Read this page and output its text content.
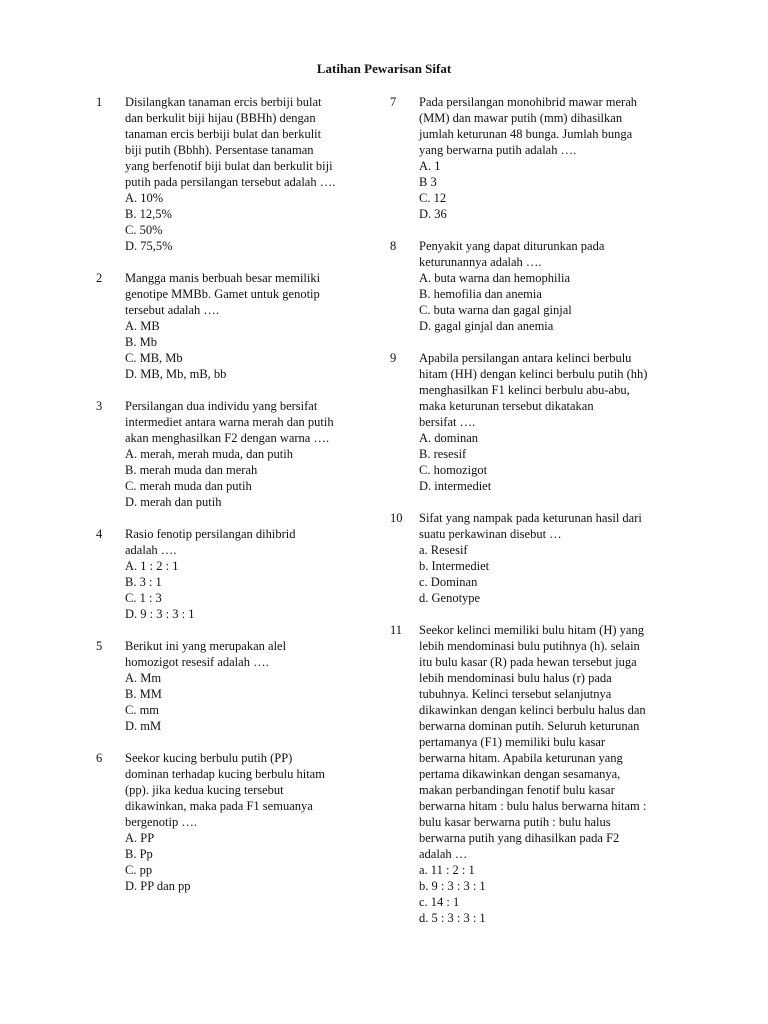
Latihan Pewarisan Sifat
1	Disilangkan tanaman ercis berbiji bulat
dan berkulit biji hijau (BBHh) dengan
tanaman ercis berbiji bulat dan berkulit
biji putih (Bbhh). Persentase tanaman
yang berfenotif biji bulat dan berkulit biji
putih pada persilangan tersebut adalah ….
A. 10%
B. 12,5%
C. 50%
D. 75,5%
2	Mangga manis berbuah besar memiliki
genotipe MMBb. Gamet untuk genotip
tersebut adalah ….
A. MB
B. Mb
C. MB, Mb
D. MB, Mb, mB, bb
3	Persilangan dua individu yang bersifat
intermediet antara warna merah dan putih
akan menghasilkan F2 dengan warna ….
A. merah, merah muda, dan putih
B. merah muda dan merah
C. merah muda dan putih
D. merah dan putih
4	Rasio fenotip persilangan dihibrid
adalah ….
A. 1 : 2 : 1
B. 3 : 1
C. 1 : 3
D. 9 : 3 : 3 : 1
5	Berikut ini yang merupakan alel
homozigot resesif adalah ….
A. Mm
B. MM
C. mm
D. mM
6	Seekor kucing berbulu putih (PP)
dominan terhadap kucing berbulu hitam
(pp). jika kedua kucing tersebut
dikawinkan, maka pada F1 semuanya
bergenotip ….
A. PP
B. Pp
C. pp
D. PP dan pp
7	Pada persilangan monohibrid mawar merah
(MM) dan mawar putih (mm) dihasilkan
jumlah keturunan 48 bunga. Jumlah bunga
yang berwarna putih adalah ….
A. 1
B 3
C. 12
D. 36
8	Penyakit yang dapat diturunkan pada
keturunannya adalah ….
A. buta warna dan hemophilia
B. hemofilia dan anemia
C. buta warna dan gagal ginjal
D. gagal ginjal dan anemia
9	Apabila persilangan antara kelinci berbulu
hitam (HH) dengan kelinci berbulu putih (hh)
menghasilkan F1 kelinci berbulu abu-abu,
maka keturunan tersebut dikatakan
bersifat ….
A. dominan
B. resesif
C. homozigot
D. intermediet
10	Sifat yang nampak pada keturunan hasil dari
suatu perkawinan disebut …
a. Resesif
b. Intermediet
c. Dominan
d. Genotype
11	Seekor kelinci memiliki bulu hitam (H) yang
lebih mendominasi bulu putihnya (h). selain
itu bulu kasar (R) pada hewan tersebut juga
lebih mendominasi bulu halus (r) pada
tubuhnya. Kelinci tersebut selanjutnya
dikawinkan dengan kelinci berbulu halus dan
berwarna dominan putih. Seluruh keturunan
pertamanya (F1) memiliki bulu kasar
berwarna hitam. Apabila keturunan yang
pertama dikawinkan dengan sesamanya,
makan perbandingan fenotif bulu kasar
berwarna hitam : bulu halus berwarna hitam :
bulu kasar berwarna putih : bulu halus
berwarna putih yang dihasilkan pada F2
adalah …
a. 11 : 2 : 1
b. 9 : 3 : 3 : 1
c. 14 : 1
d. 5 : 3 : 3 : 1
